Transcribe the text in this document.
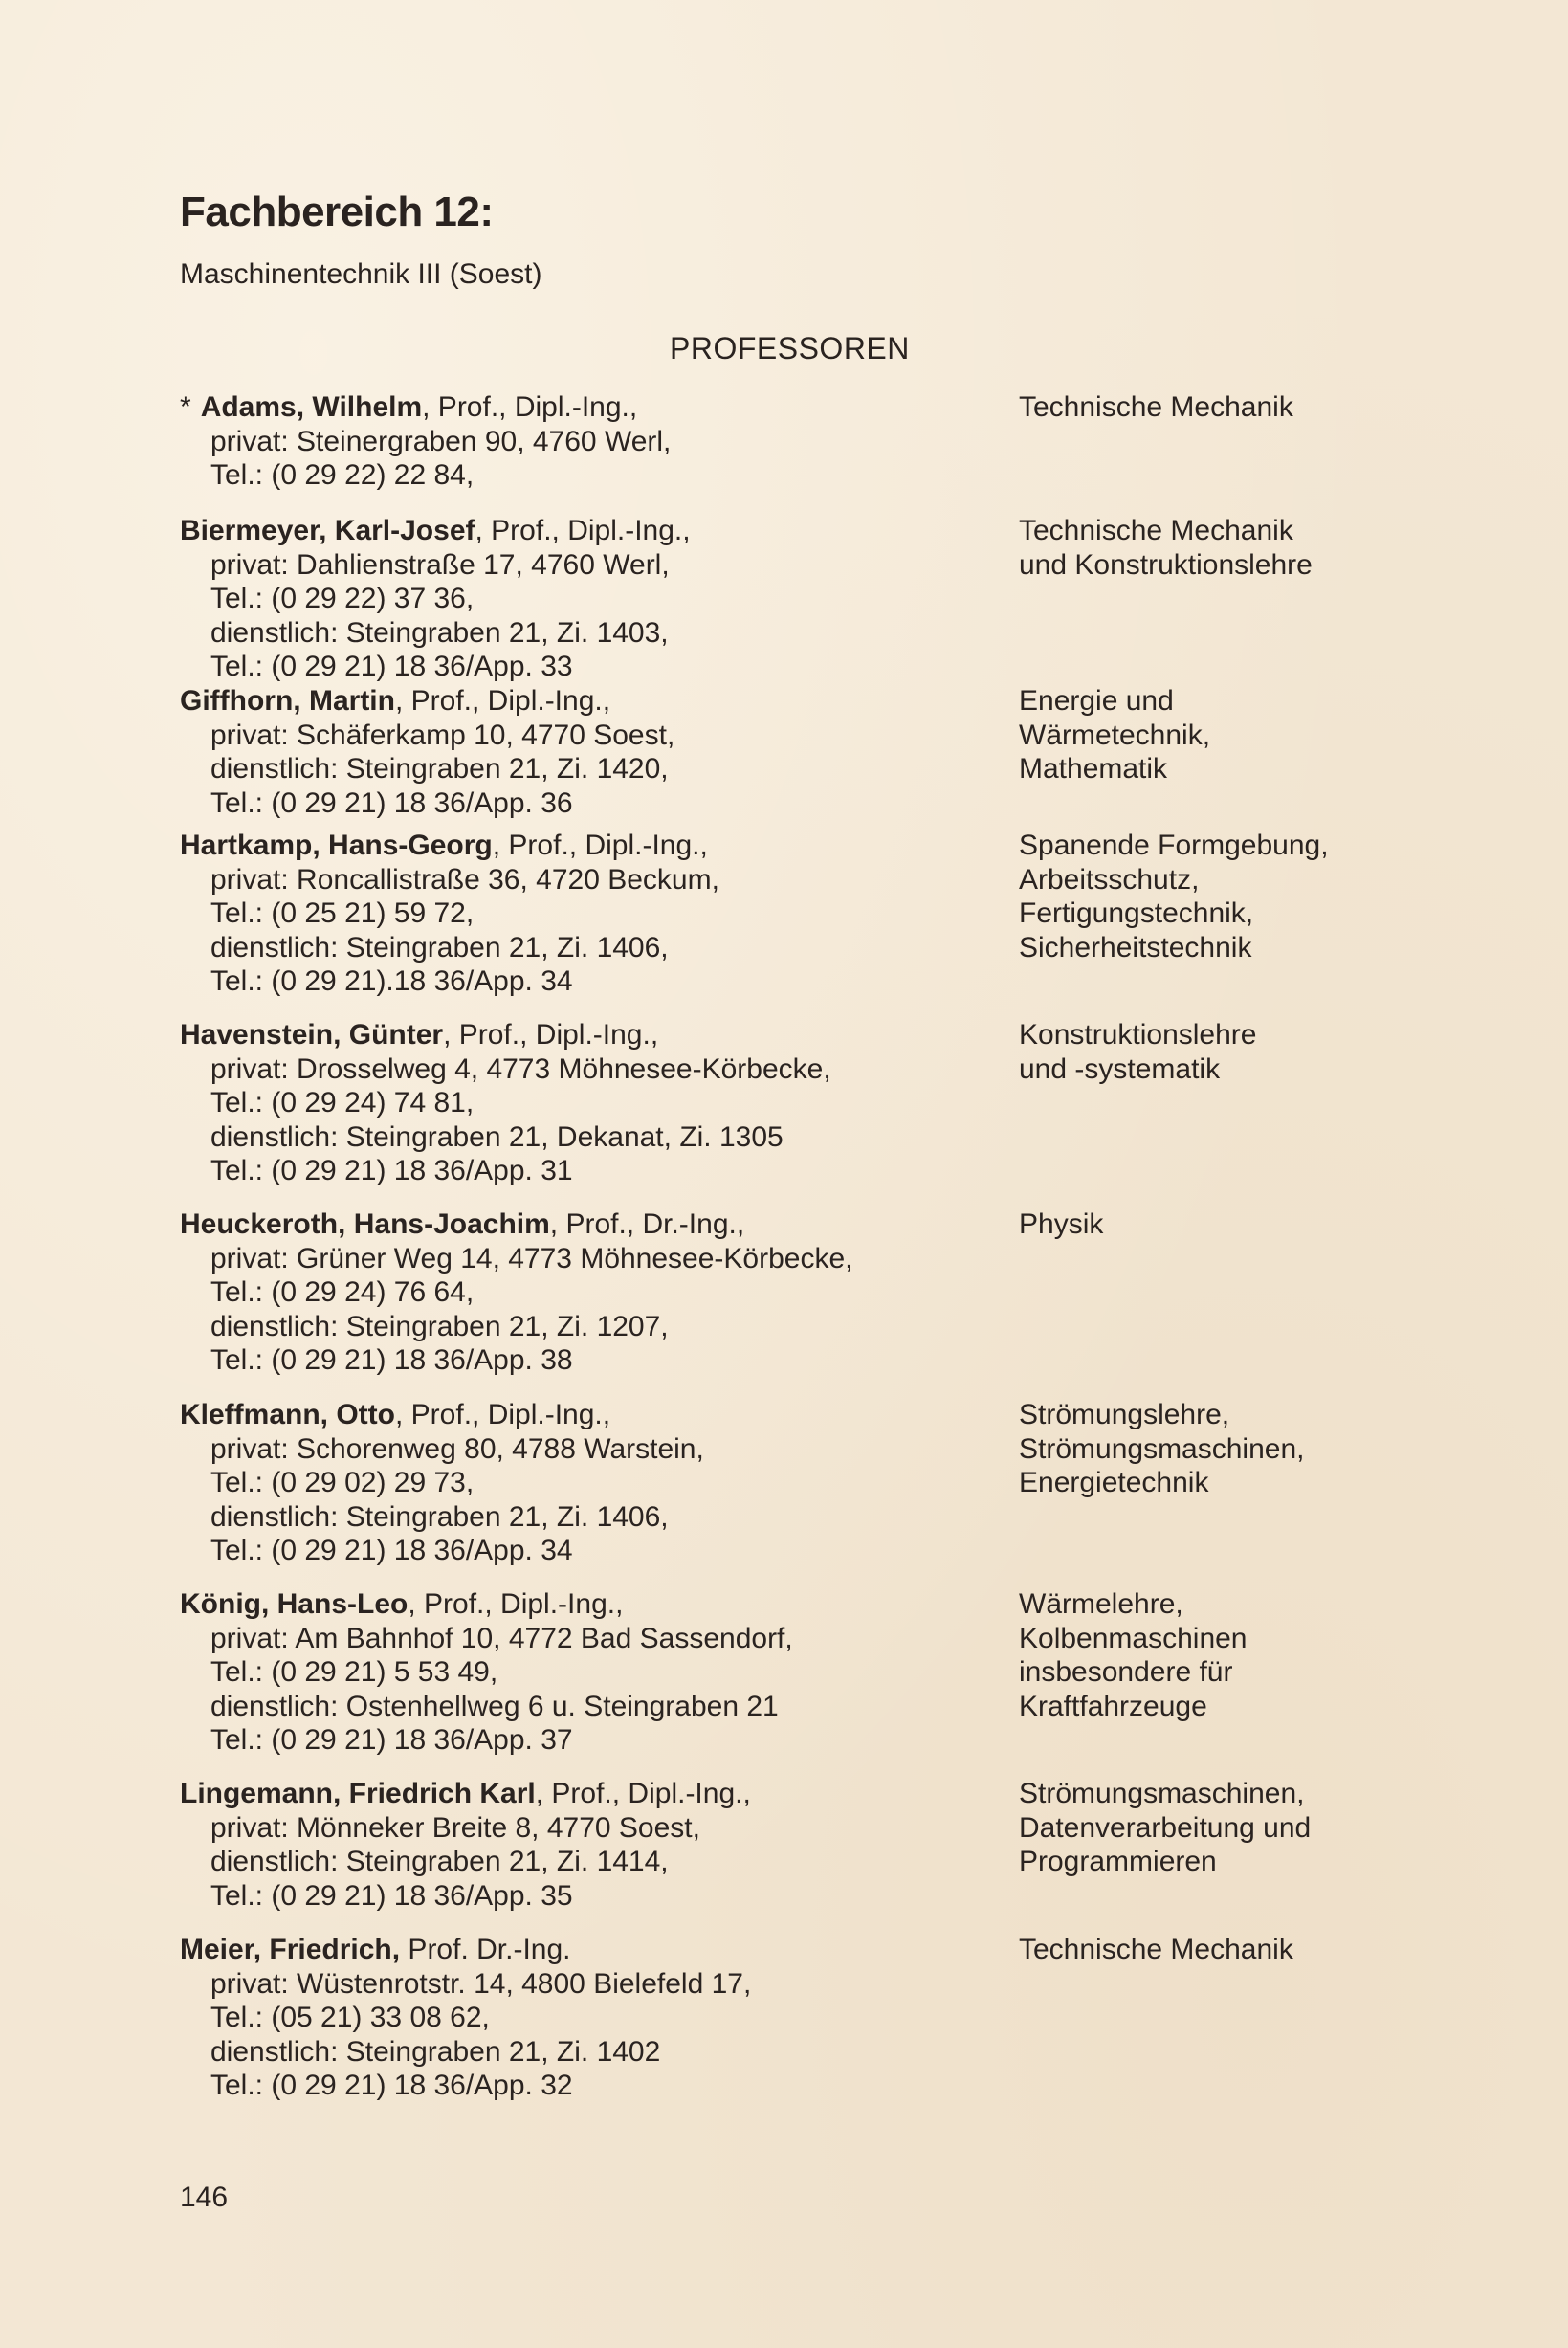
Fachbereich 12:

Maschinentechnik III (Soest)

PROFESSOREN

* Adams, Wilhelm, Prof., Dipl.-Ing.,
privat: Steinergraben 90, 4760 Werl,
Tel.: (0 29 22) 22 84,
Technische Mechanik
Biermeyer, Karl-Josef, Prof., Dipl.-Ing.,
privat: Dahlienstraße 17, 4760 Werl,
Tel.: (0 29 22) 37 36,
dienstlich: Steingraben 21, Zi. 1403,
Tel.: (0 29 21) 18 36/App. 33
Technische Mechanik
und Konstruktionslehre
Giffhorn, Martin, Prof., Dipl.-Ing.,
privat: Schäferkamp 10, 4770 Soest,
dienstlich: Steingraben 21, Zi. 1420,
Tel.: (0 29 21) 18 36/App. 36
Energie und
Wärmetechnik,
Mathematik
Hartkamp, Hans-Georg, Prof., Dipl.-Ing.,
privat: Roncallistraße 36, 4720 Beckum,
Tel.: (0 25 21) 59 72,
dienstlich: Steingraben 21, Zi. 1406,
Tel.: (0 29 21).18 36/App. 34
Spanende Formgebung,
Arbeitsschutz,
Fertigungstechnik,
Sicherheitstechnik
Havenstein, Günter, Prof., Dipl.-Ing.,
privat: Drosselweg 4, 4773 Möhnesee-Körbecke,
Tel.: (0 29 24) 74 81,
dienstlich: Steingraben 21, Dekanat, Zi. 1305
Tel.: (0 29 21) 18 36/App. 31
Konstruktionslehre
und -systematik
Heuckeroth, Hans-Joachim, Prof., Dr.-Ing.,
privat: Grüner Weg 14, 4773 Möhnesee-Körbecke,
Tel.: (0 29 24) 76 64,
dienstlich: Steingraben 21, Zi. 1207,
Tel.: (0 29 21) 18 36/App. 38
Physik
Kleffmann, Otto, Prof., Dipl.-Ing.,
privat: Schorenweg 80, 4788 Warstein,
Tel.: (0 29 02) 29 73,
dienstlich: Steingraben 21, Zi. 1406,
Tel.: (0 29 21) 18 36/App. 34
Strömungslehre,
Strömungsmaschinen,
Energietechnik
König, Hans-Leo, Prof., Dipl.-Ing.,
privat: Am Bahnhof 10, 4772 Bad Sassendorf,
Tel.: (0 29 21) 5 53 49,
dienstlich: Ostenhellweg 6 u. Steingraben 21
Tel.: (0 29 21) 18 36/App. 37
Wärmelehre,
Kolbenmaschinen
insbesondere für
Kraftfahrzeuge
Lingemann, Friedrich Karl, Prof., Dipl.-Ing.,
privat: Mönneker Breite 8, 4770 Soest,
dienstlich: Steingraben 21, Zi. 1414,
Tel.: (0 29 21) 18 36/App. 35
Strömungsmaschinen,
Datenverarbeitung und
Programmieren
Meier, Friedrich, Prof. Dr.-Ing.
privat: Wüstenrotstr. 14, 4800 Bielefeld 17,
Tel.: (05 21) 33 08 62,
dienstlich: Steingraben 21, Zi. 1402
Tel.: (0 29 21) 18 36/App. 32
Technische Mechanik
146
